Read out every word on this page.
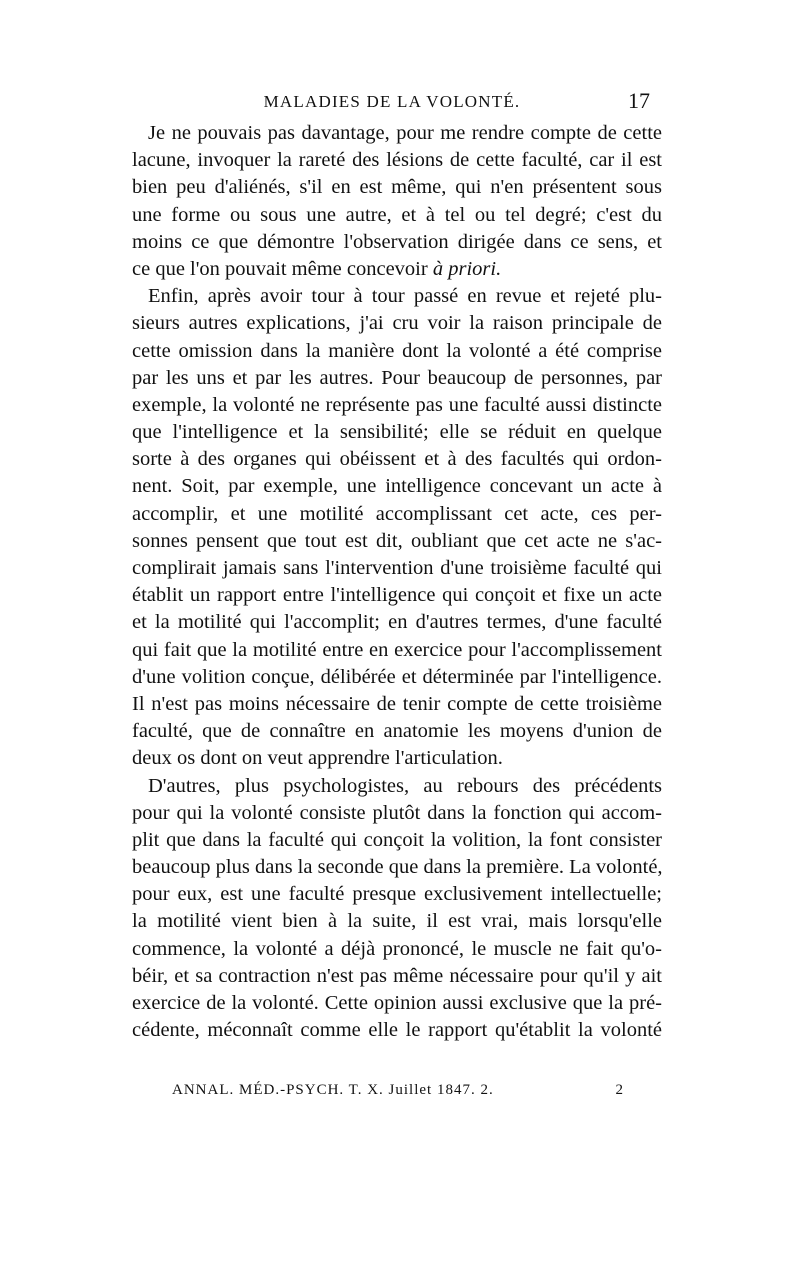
MALADIES DE LA VOLONTÉ.	17
Je ne pouvais pas davantage, pour me rendre compte de cette
lacune, invoquer la rareté des lésions de cette faculté, car il est
bien peu d'aliénés, s'il en est même, qui n'en présentent sous
une forme ou sous une autre, et à tel ou tel degré; c'est du
moins ce que démontre l'observation dirigée dans ce sens, et
ce que l'on pouvait même concevoir à priori.
Enfin, après avoir tour à tour passé en revue et rejeté plu-
sieurs autres explications, j'ai cru voir la raison principale de
cette omission dans la manière dont la volonté a été comprise
par les uns et par les autres. Pour beaucoup de personnes, par
exemple, la volonté ne représente pas une faculté aussi distincte
que l'intelligence et la sensibilité; elle se réduit en quelque
sorte à des organes qui obéissent et à des facultés qui ordon-
nent. Soit, par exemple, une intelligence concevant un acte à
accomplir, et une motilité accomplissant cet acte, ces per-
sonnes pensent que tout est dit, oubliant que cet acte ne s'ac-
complirait jamais sans l'intervention d'une troisième faculté qui
établit un rapport entre l'intelligence qui conçoit et fixe un acte
et la motilité qui l'accomplit; en d'autres termes, d'une faculté
qui fait que la motilité entre en exercice pour l'accomplissement
d'une volition conçue, délibérée et déterminée par l'intelligence.
Il n'est pas moins nécessaire de tenir compte de cette troisième
faculté, que de connaître en anatomie les moyens d'union de
deux os dont on veut apprendre l'articulation.
D'autres, plus psychologistes, au rebours des précédents
pour qui la volonté consiste plutôt dans la fonction qui accom-
plit que dans la faculté qui conçoit la volition, la font consister
beaucoup plus dans la seconde que dans la première. La volonté,
pour eux, est une faculté presque exclusivement intellectuelle;
la motilité vient bien à la suite, il est vrai, mais lorsqu'elle
commence, la volonté a déjà prononcé, le muscle ne fait qu'o-
béir, et sa contraction n'est pas même nécessaire pour qu'il y ait
exercice de la volonté. Cette opinion aussi exclusive que la pré-
cédente, méconnaît comme elle le rapport qu'établit la volonté
ANNAL. MÉD.-PSYCH. T. X. Juillet 1847. 2.	2
